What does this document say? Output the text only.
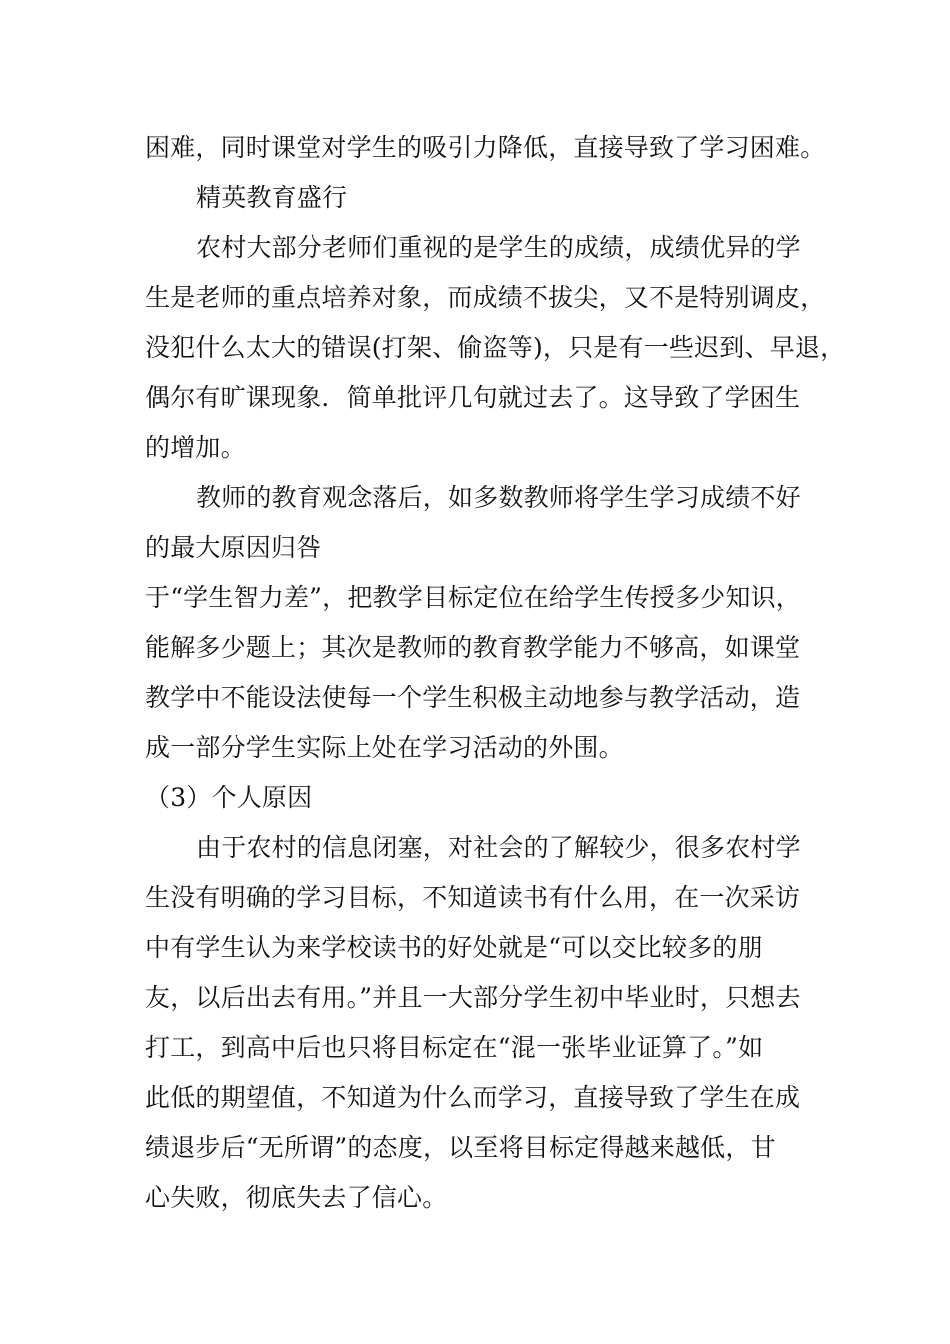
困难，同时课堂对学生的吸引力降低，直接导致了学习困难。
精英教育盛行
农村大部分老师们重视的是学生的成绩，成绩优异的学
生是老师的重点培养对象，而成绩不拔尖，又不是特别调皮，
没犯什么太大的错误(打架、偷盗等)，只是有一些迟到、早退，
偶尔有旷课现象．简单批评几句就过去了。这导致了学困生
的增加。
教师的教育观念落后，如多数教师将学生学习成绩不好
的最大原因归咎
于“学生智力差”，把教学目标定位在给学生传授多少知识，
能解多少题上；其次是教师的教育教学能力不够高，如课堂
教学中不能设法使每一个学生积极主动地参与教学活动，造
成一部分学生实际上处在学习活动的外围。
（3）个人原因
由于农村的信息闭塞，对社会的了解较少，很多农村学
生没有明确的学习目标，不知道读书有什么用，在一次采访
中有学生认为来学校读书的好处就是“可以交比较多的朋
友，以后出去有用。”并且一大部分学生初中毕业时，只想去
打工，到高中后也只将目标定在“混一张毕业证算了。”如
此低的期望值，不知道为什么而学习，直接导致了学生在成
绩退步后“无所谓”的态度，以至将目标定得越来越低，甘
心失败，彻底失去了信心。
